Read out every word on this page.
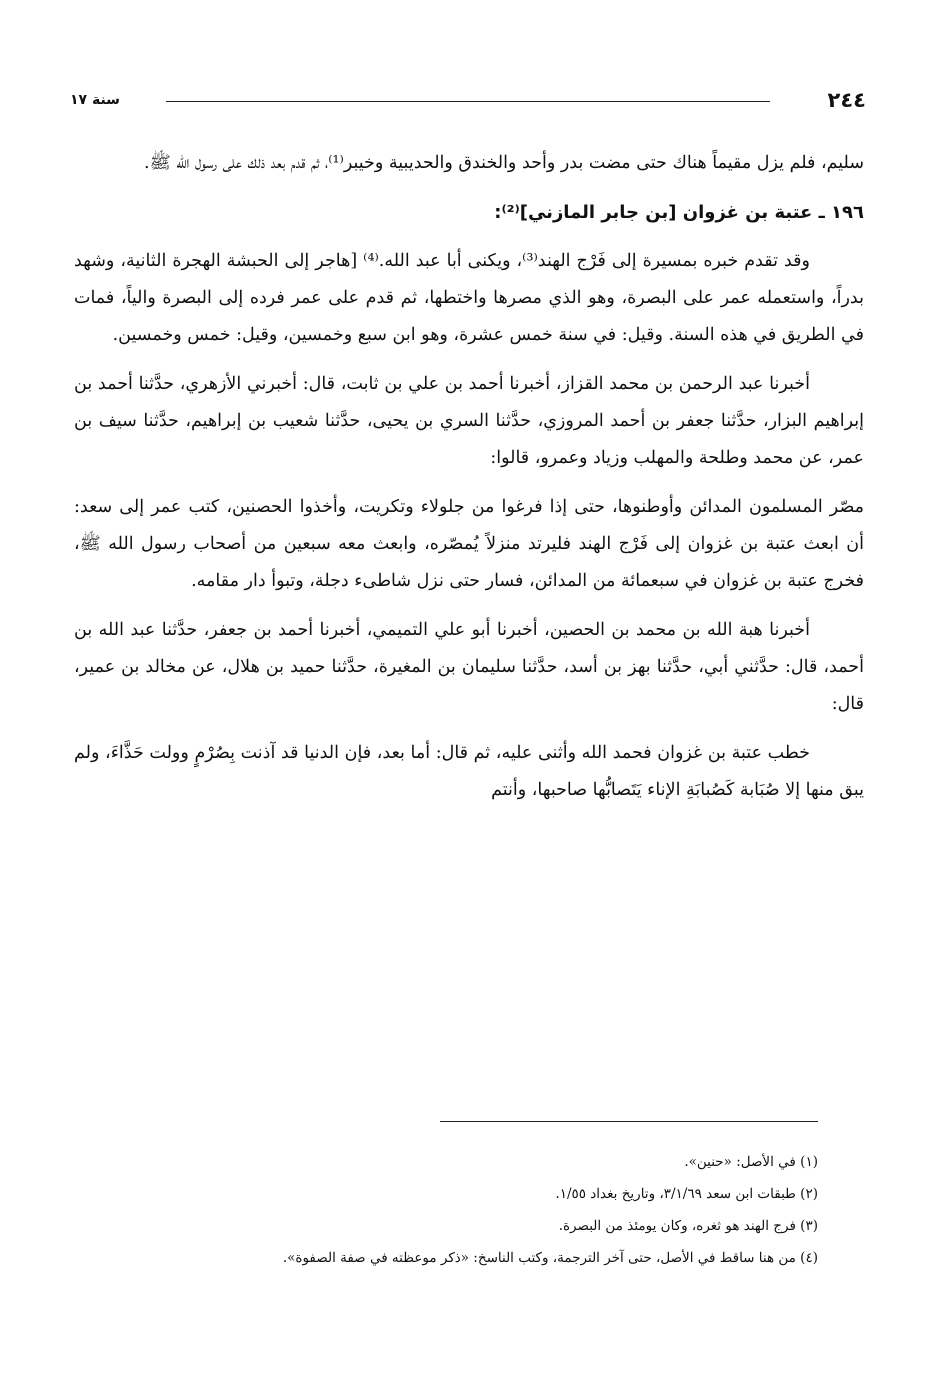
٢٤٤
سنة ١٧

سليم، فلم يزل مقيماً هناك حتى مضت بدر وأحد والخندق والحديبية وخيبر⁽¹⁾، ثم قدم بعد ذلك على رسول الله ﷺ.

١٩٦ ـ عتبة بن غزوان [بن جابر المازني]⁽²⁾:

وقد تقدم خبره بمسيرة إلى فَرْج الهند⁽³⁾، ويكنى أبا عبد الله.⁽⁴⁾ [هاجر إلى الحبشة الهجرة الثانية، وشهد بدراً، واستعمله عمر على البصرة، وهو الذي مصرها واختطها، ثم قدم على عمر فرده إلى البصرة والياً، فمات في الطريق في هذه السنة. وقيل: في سنة خمس عشرة، وهو ابن سبع وخمسين، وقيل: خمس وخمسين.

أخبرنا عبد الرحمن بن محمد القزاز، أخبرنا أحمد بن علي بن ثابت، قال: أخبرني الأزهري، حدَّثنا أحمد بن إبراهيم البزار، حدَّثنا جعفر بن أحمد المروزي، حدَّثنا السري بن يحيى، حدَّثنا شعيب بن إبراهيم، حدَّثنا سيف بن عمر، عن محمد وطلحة والمهلب وزياد وعمرو، قالوا:

مصّر المسلمون المدائن وأوطنوها، حتى إذا فرغوا من جلولاء وتكريت، وأخذوا الحصنين، كتب عمر إلى سعد: أن ابعث عتبة بن غزوان إلى فَرْج الهند فليرتد منزلاً يُمصّره، وابعث معه سبعين من أصحاب رسول الله ﷺ، فخرج عتبة بن غزوان في سبعمائة من المدائن، فسار حتى نزل شاطىء دجلة، وتبوأ دار مقامه.

أخبرنا هبة الله بن محمد بن الحصين، أخبرنا أبو علي التميمي، أخبرنا أحمد بن جعفر، حدَّثنا عبد الله بن أحمد، قال: حدَّثني أبي، حدَّثنا بهز بن أسد، حدَّثنا سليمان بن المغيرة، حدَّثنا حميد بن هلال، عن مخالد بن عمير، قال:

خطب عتبة بن غزوان فحمد الله وأثنى عليه، ثم قال: أما بعد، فإن الدنيا قد آذنت بِصُرْمٍ وولت حَذَّاءَ، ولم يبق منها إلا صُبَابة كَصُبابَةِ الإناء يَتَصابُّها صاحبها، وأنتم

(١) في الأصل: «حنين».

(٢) طبقات ابن سعد ٣/١/٦٩، وتاريخ بغداد ١/٥٥.

(٣) فرج الهند هو ثغره، وكان يومئذ من البصرة.

(٤) من هنا ساقط في الأصل، حتى آخر الترجمة، وكتب الناسخ: «ذكر موعظته في صفة الصفوة».
